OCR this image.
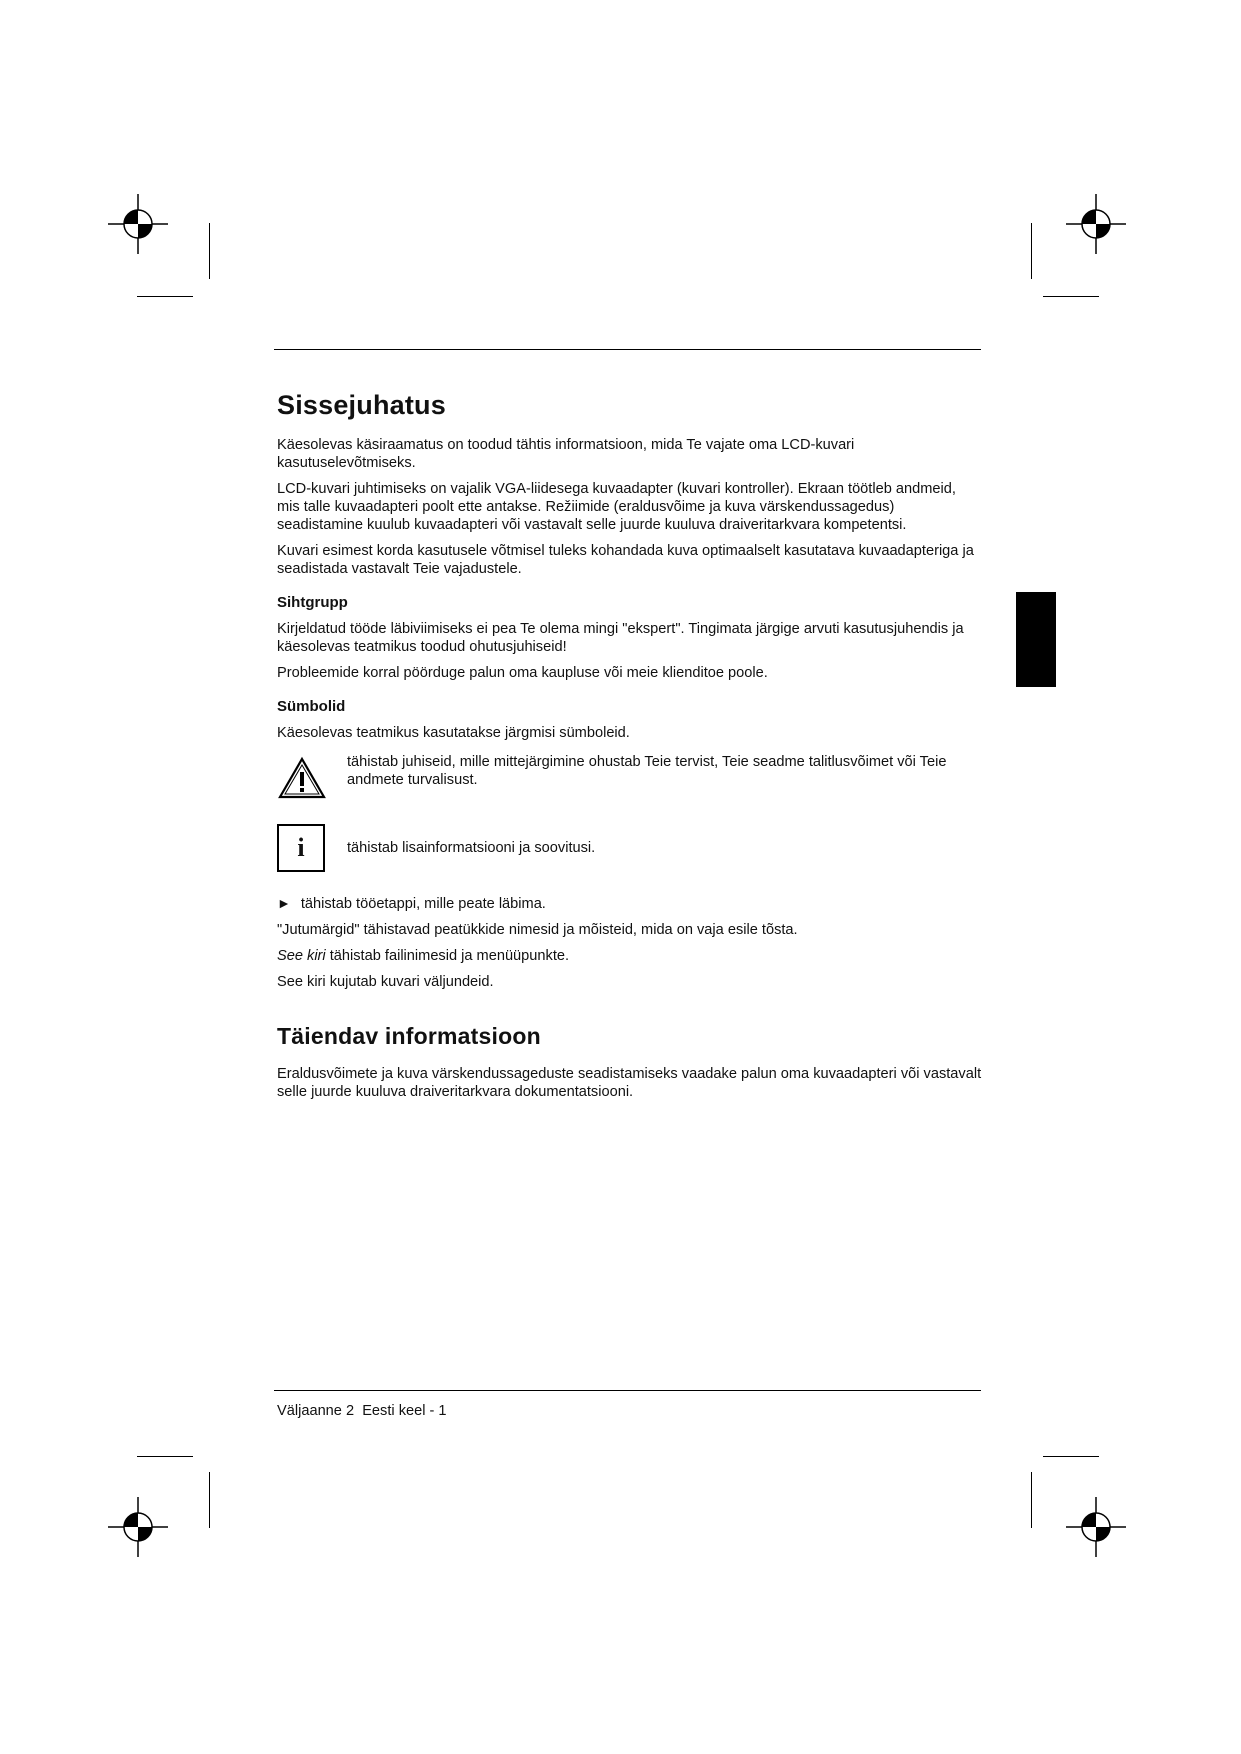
Sissejuhatus

Käesolevas käsiraamatus on toodud tähtis informatsioon, mida Te vajate oma LCD-kuvari kasutuselevõtmiseks.

LCD-kuvari juhtimiseks on vajalik VGA-liidesega kuvaadapter (kuvari kontroller). Ekraan töötleb andmeid, mis talle kuvaadapteri poolt ette antakse. Režiimide (eraldusvõime ja kuva värskendussagedus) seadistamine kuulub kuvaadapteri või vastavalt selle juurde kuuluva draiveritarkvara kompetentsi.

Kuvari esimest korda kasutusele võtmisel tuleks kohandada kuva optimaalselt kasutatava kuvaadapteriga ja seadistada vastavalt Teie vajadustele.

Sihtgrupp

Kirjeldatud tööde läbiviimiseks ei pea Te olema mingi "ekspert". Tingimata järgige arvuti kasutusjuhendis ja käesolevas teatmikus toodud ohutusjuhiseid!

Probleemide korral pöörduge palun oma kaupluse või meie klienditoe poole.

Sümbolid

Käesolevas teatmikus kasutatakse järgmisi sümboleid.

tähistab juhiseid, mille mittejärgimine ohustab Teie tervist, Teie seadme talitlusvõimet või Teie andmete turvalisust.
i	tähistab lisainformatsiooni ja soovitusi.

► tähistab tööetappi, mille peate läbima.

"Jutumärgid" tähistavad peatükkide nimesid ja mõisteid, mida on vaja esile tõsta.

See kiri tähistab failinimesid ja menüüpunkte.

See kiri kujutab kuvari väljundeid.

Täiendav informatsioon

Eraldusvõimete ja kuva värskendussageduste seadistamiseks vaadake palun oma kuvaadapteri või vastavalt selle juurde kuuluva draiveritarkvara dokumentatsiooni.

Väljaanne 2  Eesti keel - 1
